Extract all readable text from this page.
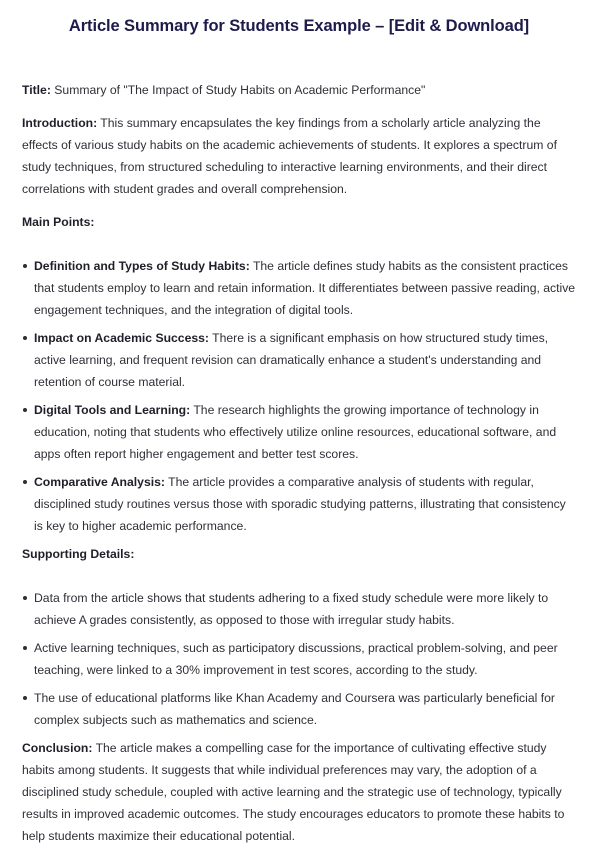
Article Summary for Students Example – [Edit & Download]

Title: Summary of "The Impact of Study Habits on Academic Performance"

Introduction: This summary encapsulates the key findings from a scholarly article analyzing the effects of various study habits on the academic achievements of students. It explores a spectrum of study techniques, from structured scheduling to interactive learning environments, and their direct correlations with student grades and overall comprehension.

Main Points:

Definition and Types of Study Habits: The article defines study habits as the consistent practices that students employ to learn and retain information. It differentiates between passive reading, active engagement techniques, and the integration of digital tools.
Impact on Academic Success: There is a significant emphasis on how structured study times, active learning, and frequent revision can dramatically enhance a student's understanding and retention of course material.
Digital Tools and Learning: The research highlights the growing importance of technology in education, noting that students who effectively utilize online resources, educational software, and apps often report higher engagement and better test scores.
Comparative Analysis: The article provides a comparative analysis of students with regular, disciplined study routines versus those with sporadic studying patterns, illustrating that consistency is key to higher academic performance.

Supporting Details:

Data from the article shows that students adhering to a fixed study schedule were more likely to achieve A grades consistently, as opposed to those with irregular study habits.
Active learning techniques, such as participatory discussions, practical problem-solving, and peer teaching, were linked to a 30% improvement in test scores, according to the study.
The use of educational platforms like Khan Academy and Coursera was particularly beneficial for complex subjects such as mathematics and science.

Conclusion: The article makes a compelling case for the importance of cultivating effective study habits among students. It suggests that while individual preferences may vary, the adoption of a disciplined study schedule, coupled with active learning and the strategic use of technology, typically results in improved academic outcomes. The study encourages educators to promote these habits to help students maximize their educational potential.
